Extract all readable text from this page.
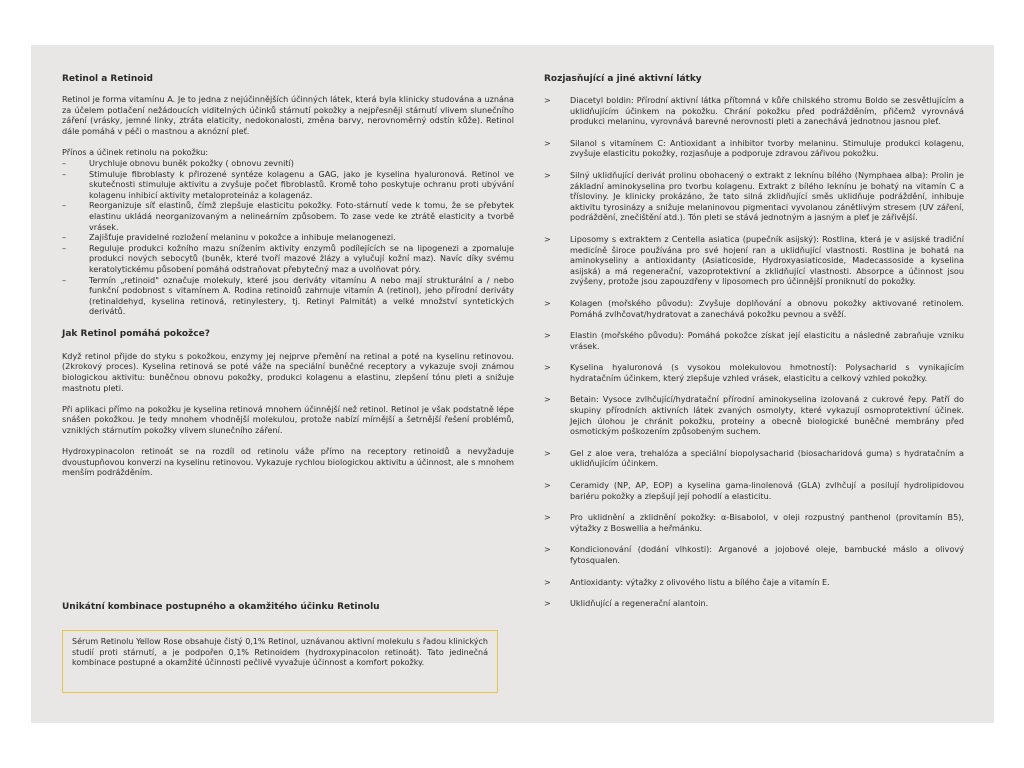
Retinol a Retinoid

Retinol je forma vitamínu A. Je to jedna z nejúčinnějších účinných látek, která byla klinicky studována a uznána za účelem potlačení nežádoucích viditelných účinků stárnutí pokožky a nejpřesněji stárnutí vlivem slunečního záření (vrásky, jemné linky, ztráta elaticity, nedokonalosti, změna barvy, nerovnoměrný odstín kůže). Retinol dále pomáhá v péči o mastnou a aknózní pleť.

Přínos a účinek retinolu na pokožku:

– Urychluje obnovu buněk pokožky ( obnovu zevnití)
– Stimuluje fibroblasty k přirozené syntéze kolagenu a GAG, jako je kyselina hyaluronová. Retinol ve skutečnosti stimuluje aktivitu a zvyšuje počet fibroblastů. Kromě toho poskytuje ochranu proti ubývání kolagenu inhibicí aktivity metaloproteináz a kolagenáz.
– Reorganizuje síť elastinů, čímž zlepšuje elasticitu pokožky. Foto-stárnutí vede k tomu, že se přebytek elastinu ukládá neorganizovaným a nelineárním způsobem. To zase vede ke ztrátě elasticity a tvorbě vrásek.
– Zajišťuje pravidelné rozložení melaninu v pokožce a inhibuje melanogenezi.
– Reguluje produkci kožního mazu snížením aktivity enzymů podílejících se na lipogenezi a zpomaluje produkci nových sebocytů (buněk, které tvoří mazové žlázy a vylučují kožní maz). Navíc díky svému keratolytickému působení pomáhá odstraňovat přebytečný maz a uvolňovat póry.
– Termín „retinoid" označuje molekuly, které jsou deriváty vitamínu A nebo mají strukturální a / nebo funkční podobnost s vitamínem A. Rodina retinoidů zahrnuje vitamín A (retinol), jeho přírodní deriváty (retinaldehyd, kyselina retinová, retinylestery, tj. Retinyl Palmitát) a velké množství syntetických derivátů.

Jak Retinol pomáhá pokožce?

Když retinol přijde do styku s pokožkou, enzymy jej nejprve přemění na retinal a poté na kyselinu retinovou. (2krokový proces). Kyselina retinová se poté váže na speciální buněčné receptory a vykazuje svoji známou biologickou aktivitu: buněčnou obnovu pokožky, produkci kolagenu a elastinu, zlepšení tónu pleti a snižuje mastnotu pleti.

Při aplikaci přímo na pokožku je kyselina retinová mnohem účinnější než retinol. Retinol je však podstatně lépe snášen pokožkou. Je tedy mnohem vhodnější molekulou, protože nabízí mírnější a šetrnější řešení problémů, vzniklých stárnutím pokožky vlivem slunečního záření.

Hydroxypinacolon retinoát se na rozdíl od retinolu váže přímo na receptory retinoidů a nevyžaduje dvoustupňovou konverzi na kyselinu retinovou. Vykazuje rychlou biologickou aktivitu a účinnost, ale s mnohem menším podrážděním.

Unikátní kombinace postupného a okamžitého účinku Retinolu

Sérum Retinolu Yellow Rose obsahuje čistý 0,1% Retinol, uznávanou aktivní molekulu s řadou klinických studií proti stárnutí, a je podpořen 0,1% Retinoidem (hydroxypinacolon retinoát). Tato jedinečná kombinace postupné a okamžité účinnosti pečlivě vyvažuje účinnost a komfort pokožky.

Rozjasňující a jiné aktivní látky

> Diacetyl boldin: Přírodní aktivní látka přítomná v kůře chilského stromu Boldo se zesvětlujícím a uklidňujícím účinkem na pokožku. Chrání pokožku před podrážděním, přičemž vyrovnává produkci melaninu, vyrovnává barevné nerovnosti pleti a zanechává jednotnou jasnou pleť.
> Silanol s vitamínem C: Antioxidant a inhibitor tvorby melaninu. Stimuluje produkci kolagenu, zvyšuje elasticitu pokožky, rozjasňuje a podporuje zdravou zářivou pokožku.
> Silný uklidňující derivát prolinu obohacený o extrakt z leknínu bílého (Nymphaea alba): Prolin je základní aminokyselina pro tvorbu kolagenu. Extrakt z bílého leknínu je bohatý na vitamín C a třísloviny. Je klinicky prokázáno, že tato silná zklidňující směs uklidňuje podráždění, inhibuje aktivitu tyrosinázy a snižuje melaninovou pigmentaci vyvolanou zánětlivým stresem (UV záření, podráždění, znečištění atd.). Tón pleti se stává jednotným a jasným a pleť je zářivější.
> Liposomy s extraktem z Centella asiatica (pupečník asijský): Rostlina, která je v asijské tradiční medicíně široce používána pro své hojení ran a uklidňující vlastnosti. Rostlina je bohatá na aminokyseliny a antioxidanty (Asiaticoside, Hydroxyasiaticoside, Madecassoside a kyselina asijská) a má regenerační, vazoprotektivní a zklidňující vlastnosti. Absorpce a účinnost jsou zvýšeny, protože jsou zapouzdřeny v liposomech pro účinnější proniknutí do pokožky.
> Kolagen (mořského původu): Zvyšuje doplňování a obnovu pokožky aktivované retinolem. Pomáhá zvlhčovat/hydratovat a zanechává pokožku pevnou a svěží.
> Elastin (mořského původu): Pomáhá pokožce získat její elasticitu a následně zabraňuje vzniku vrásek.
> Kyselina hyaluronová (s vysokou molekulovou hmotností): Polysacharid s vynikajícím hydratačním účinkem, který zlepšuje vzhled vrásek, elasticitu a celkový vzhled pokožky.
> Betain: Vysoce zvlhčující/hydratační přírodní aminokyselina izolovaná z cukrové řepy. Patří do skupiny přírodních aktivních látek zvaných osmolyty, které vykazují osmoprotektivní účinek. Jejich úlohou je chránit pokožku, proteiny a obecně biologické buněčné membrány před osmotickým poškozením způsobeným suchem.
> Gel z aloe vera, trehalóza a speciální biopolysacharid (biosacharidová guma) s hydratačním a uklidňujícím účinkem.
> Ceramidy (NP, AP, EOP) a kyselina gama-linolenová (GLA) zvlhčují a posilují hydrolipidovou bariéru pokožky a zlepšují její pohodlí a elasticitu.
> Pro uklidnění a zklidnění pokožky: α-Bisabolol, v oleji rozpustný panthenol (provitamín B5), výtažky z Boswellia a heřmánku.
> Kondicionování (dodání vlhkosti): Arganové a jojobové oleje, bambucké máslo a olivový fytosqualen.
> Antioxidanty: výtažky z olivového listu a bílého čaje a vitamín E.
> Uklidňující a regenerační alantoin.
